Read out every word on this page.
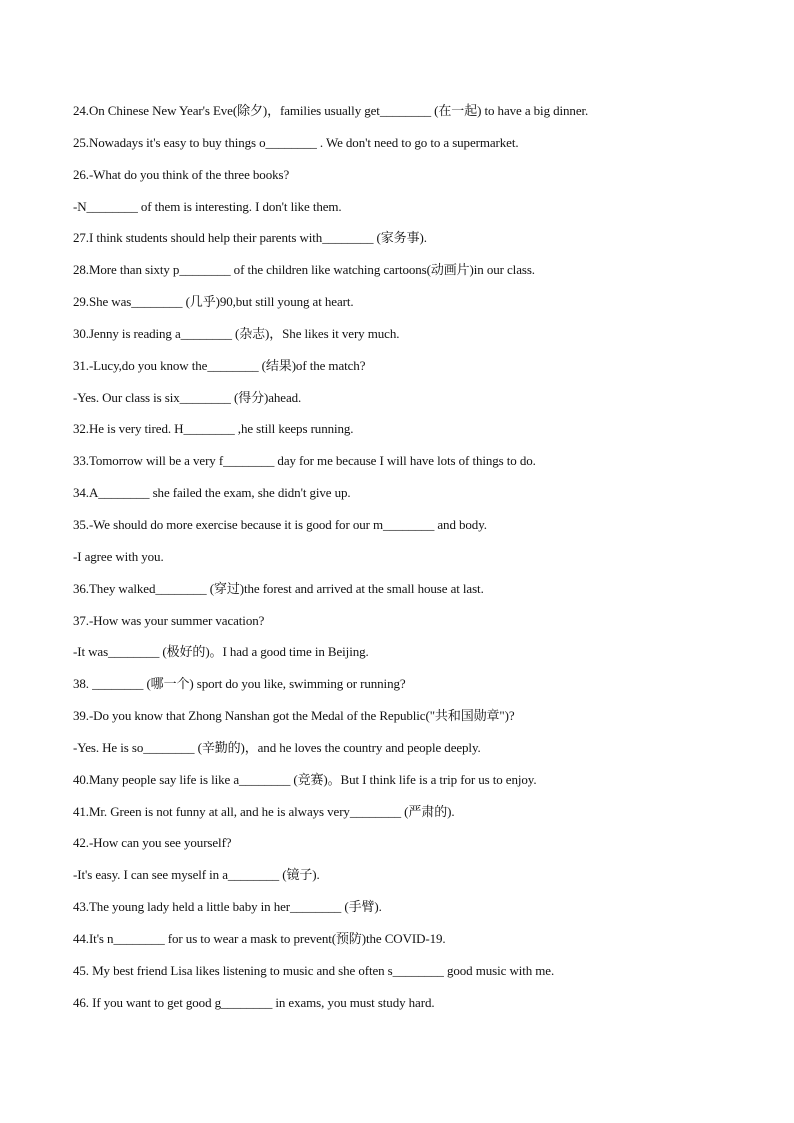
24.On Chinese New Year's Eve(除夕)，families usually get________ (在一起) to have a big dinner.
25.Nowadays it's easy to buy things o________ . We don't need to go to a supermarket.
26.-What do you think of the three books?
-N________ of them is interesting. I don't like them.
27.I think students should help their parents with________ (家务事).
28.More than sixty p________ of the children like watching cartoons(动画片)in our class.
29.She was________ (几乎)90,but still young at heart.
30.Jenny is reading a________ (杂志)，She likes it very much.
31.-Lucy,do you know the________ (结果)of the match?
-Yes. Our class is six________ (得分)ahead.
32.He is very tired. H________ ,he still keeps running.
33.Tomorrow will be a very f________ day for me because I will have lots of things to do.
34.A________ she failed the exam, she didn't give up.
35.-We should do more exercise because it is good for our m________ and body.
-I agree with you.
36.They walked________ (穿过)the forest and arrived at the small house at last.
37.-How was your summer vacation?
-It was________ (极好的)。I had a good time in Beijing.
38. ________ (哪一个) sport do you like, swimming or running?
39.-Do you know that Zhong Nanshan got the Medal of the Republic("共和国勋章")?
-Yes. He is so________ (辛勤的)，and he loves the country and people deeply.
40.Many people say life is like a________ (竞赛)。But I think life is a trip for us to enjoy.
41.Mr. Green is not funny at all, and he is always very________ (严肃的).
42.-How can you see yourself?
-It's easy. I can see myself in a________ (镜子).
43.The young lady held a little baby in her________ (手臂).
44.It's n________ for us to wear a mask to prevent(预防)the COVID-19.
45. My best friend Lisa likes listening to music and she often s________ good music with me.
46. If you want to get good g________ in exams, you must study hard.
